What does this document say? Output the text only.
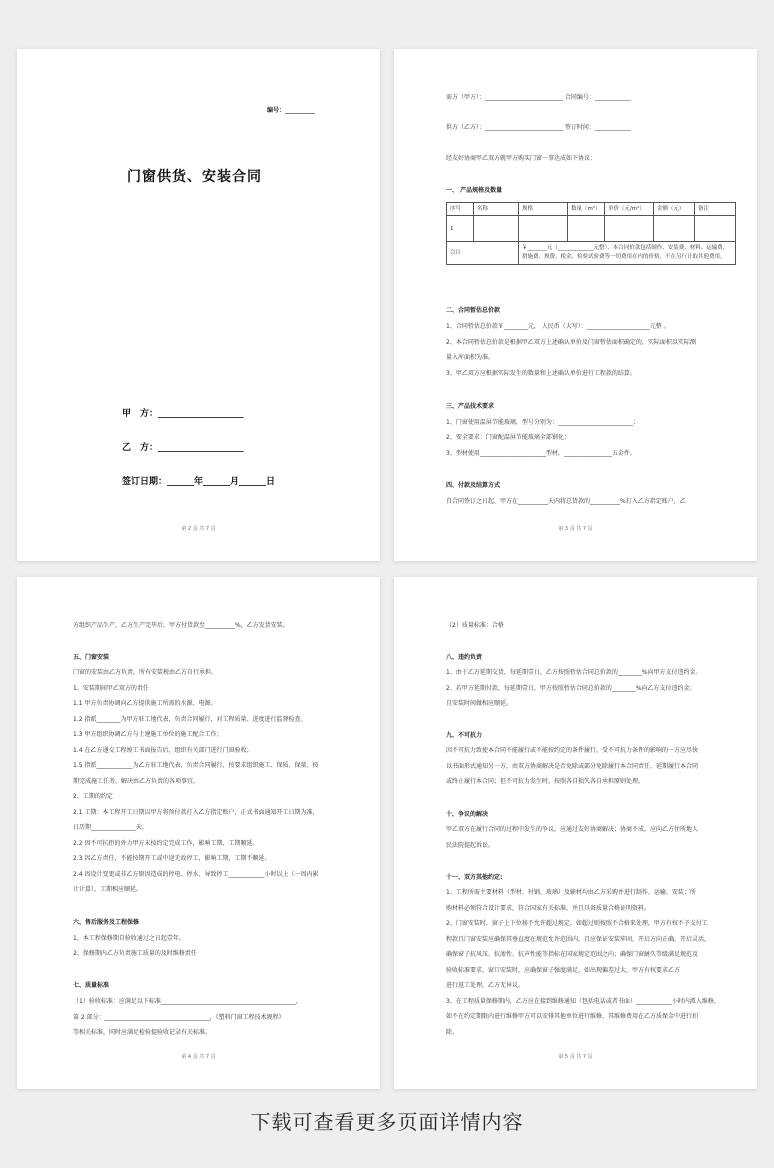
编号：__________
门窗供货、安装合同
甲　方：___________________
乙　方：___________________
签订日期：______年______月______日
第 2 页 共 7 页
需方（甲方）：__________________________ 合同编号：____________
供方（乙方）：__________________________ 签订时间：____________
经友好协商甲乙双方就甲方购买门窗一事达成如下协议：
一、 产品规格及数量
序号	名称	规格	数量（m²）	单价（元/m²）	金额（元）	备注
1						
合计		￥_______元（_____________元整），本合同价款包括制作、安装费、材料、运输费、措施费、规费、税金、检验试验费等一切费用在内的价格，不在另行计取其他费用。				
二、合同暂估总价款
1、合同暂估总价款￥________元， 人民币（大写）：_____________________元整 。
2、本合同暂估总价款是根据甲乙双方上述确认单价及门窗暂估面积确定的，实际面积以实际测
量入库面积为准。
3、甲乙双方应根据实际发生的数量和上述确认单价进行工程款的结算。
三、产品技术要求
1、门窗使用温屏节能玻璃，型号分别为：_________________________；
2、安全要求：门窗配温屏节能玻璃全部钢化；
3、型材使用______________________型材，________________五金件。
四、付款及结算方式
自合同签订之日起，甲方在__________天内将总货款的__________%打入乙方指定账户，乙
第 3 页 共 7 页
方组织产品生产，乙方生产完毕后，甲方付货款至__________%，乙方发货安装。
五、门窗安装
门窗的安装由乙方负责，所有安装税由乙方自行承担。
1、安装期间甲乙双方的责任
1.1 甲方负责协调向乙方提供施工所需的水源、电源。
1.2 指派________为甲方驻工地代表，负责合同履行，对工程质量、进度进行监督检查。
1.3 甲方组织协调乙方与土建施工单位的施工配合工作；
1.4 在乙方递交工程竣工书面报告后，组织有关部门进行门窗验收；
1.5 指派____________为乙方驻工地代表，负责合同履行，按要求组织施工、保质、保量、按
期完成施工任务，解决由乙方负责的各项事宜。
2、工期的约定
2.1 工期：本工程开工日期以甲方将预付款打入乙方指定账户，正式书面通知开工日期为准，
日历期_______________天。
2.2 因不可抗拒的外力甲方未按约定完成工作，影响工期，工期顺延。
2.3 因乙方责任，不能按期开工或中途无故停工，影响工期，工期不顺延。
2.4 因设计变更或非乙方原因造成的停电、停水、导致停工____________小时以上（一周内累
计计算），工期相应顺延。
六、售后服务及工程保修
1、本工程保修期自验收通过之日起壹年。
2、保修期内乙方负责施工质量的及时维修责任
七、质量标准
（1）验收标准：应满足以下标准_____________________________________________，
第 2 部分：___________________________________，《塑料门窗工程技术规程》
等相关标准，同时应满足检验提验收记录有关标准。
第 4 页 共 7 页
（2）质量标准：合格
八、违约负责
1、由于乙方延期交货，每延期壹日，乙方按照暂估合同总价款的________%向甲方支付违约金。
2、若甲方延期付款，每延期壹日，甲方按照暂估合同总价款的________%向乙方支付违约金；
且安装时间做相应顺延。
九、不可抗力
因不可抗力致使本合同不能履行或不能按约定的条件履行，受不可抗力条件的影响的一方应尽快
以书面形式通知另一方，由双方协商解决是否免除或部分免除履行本合同责任、延期履行本合同
或终止履行本合同；但不可抗力发生时，按照各自损失各自承担原则处理。
十、争议的解决
甲乙双方在履行合同的过程中发生的争议，应通过友好协商解决；协商不成，应向乙方住所地人
民法院提起诉讼。
十一、双方其他约定:
1、工程所需主要材料（型材、衬钢、玻璃）及辅材均由乙方采购并进行制作、运输、安装；所
购材料必须符合设计要求，符合国家有关标准，并且具备质量合格证明资料。
2、门窗安装时，窗子上下位移不允许超过规定，如超过则按照不合格来处理，甲方有权不予支付工
程款且门窗安装应确保其垂直度在规范允许范围内，且应保证安装牢固，开启方向正确，开启灵活，
确保窗子抗风压、抗渗性、抗声性能等指标在国家规定范围之内；确保门窗耐久等级满足规范及
验收标准要求，窗口安装时，应确保窗子强度满足，如出现偏差过大，甲方有权要求乙方
进行返工处理，乙方无异议。
3、在工程质量保修期内，乙方应在接到维修通知（包括电话或者书面）____________小时内派人维修，
如不在约定期限内进行维修甲方可以安排其他单位进行维修，其维修费用在乙方质保金中进行扣
除。
第 5 页 共 7 页
下载可查看更多页面详情内容
